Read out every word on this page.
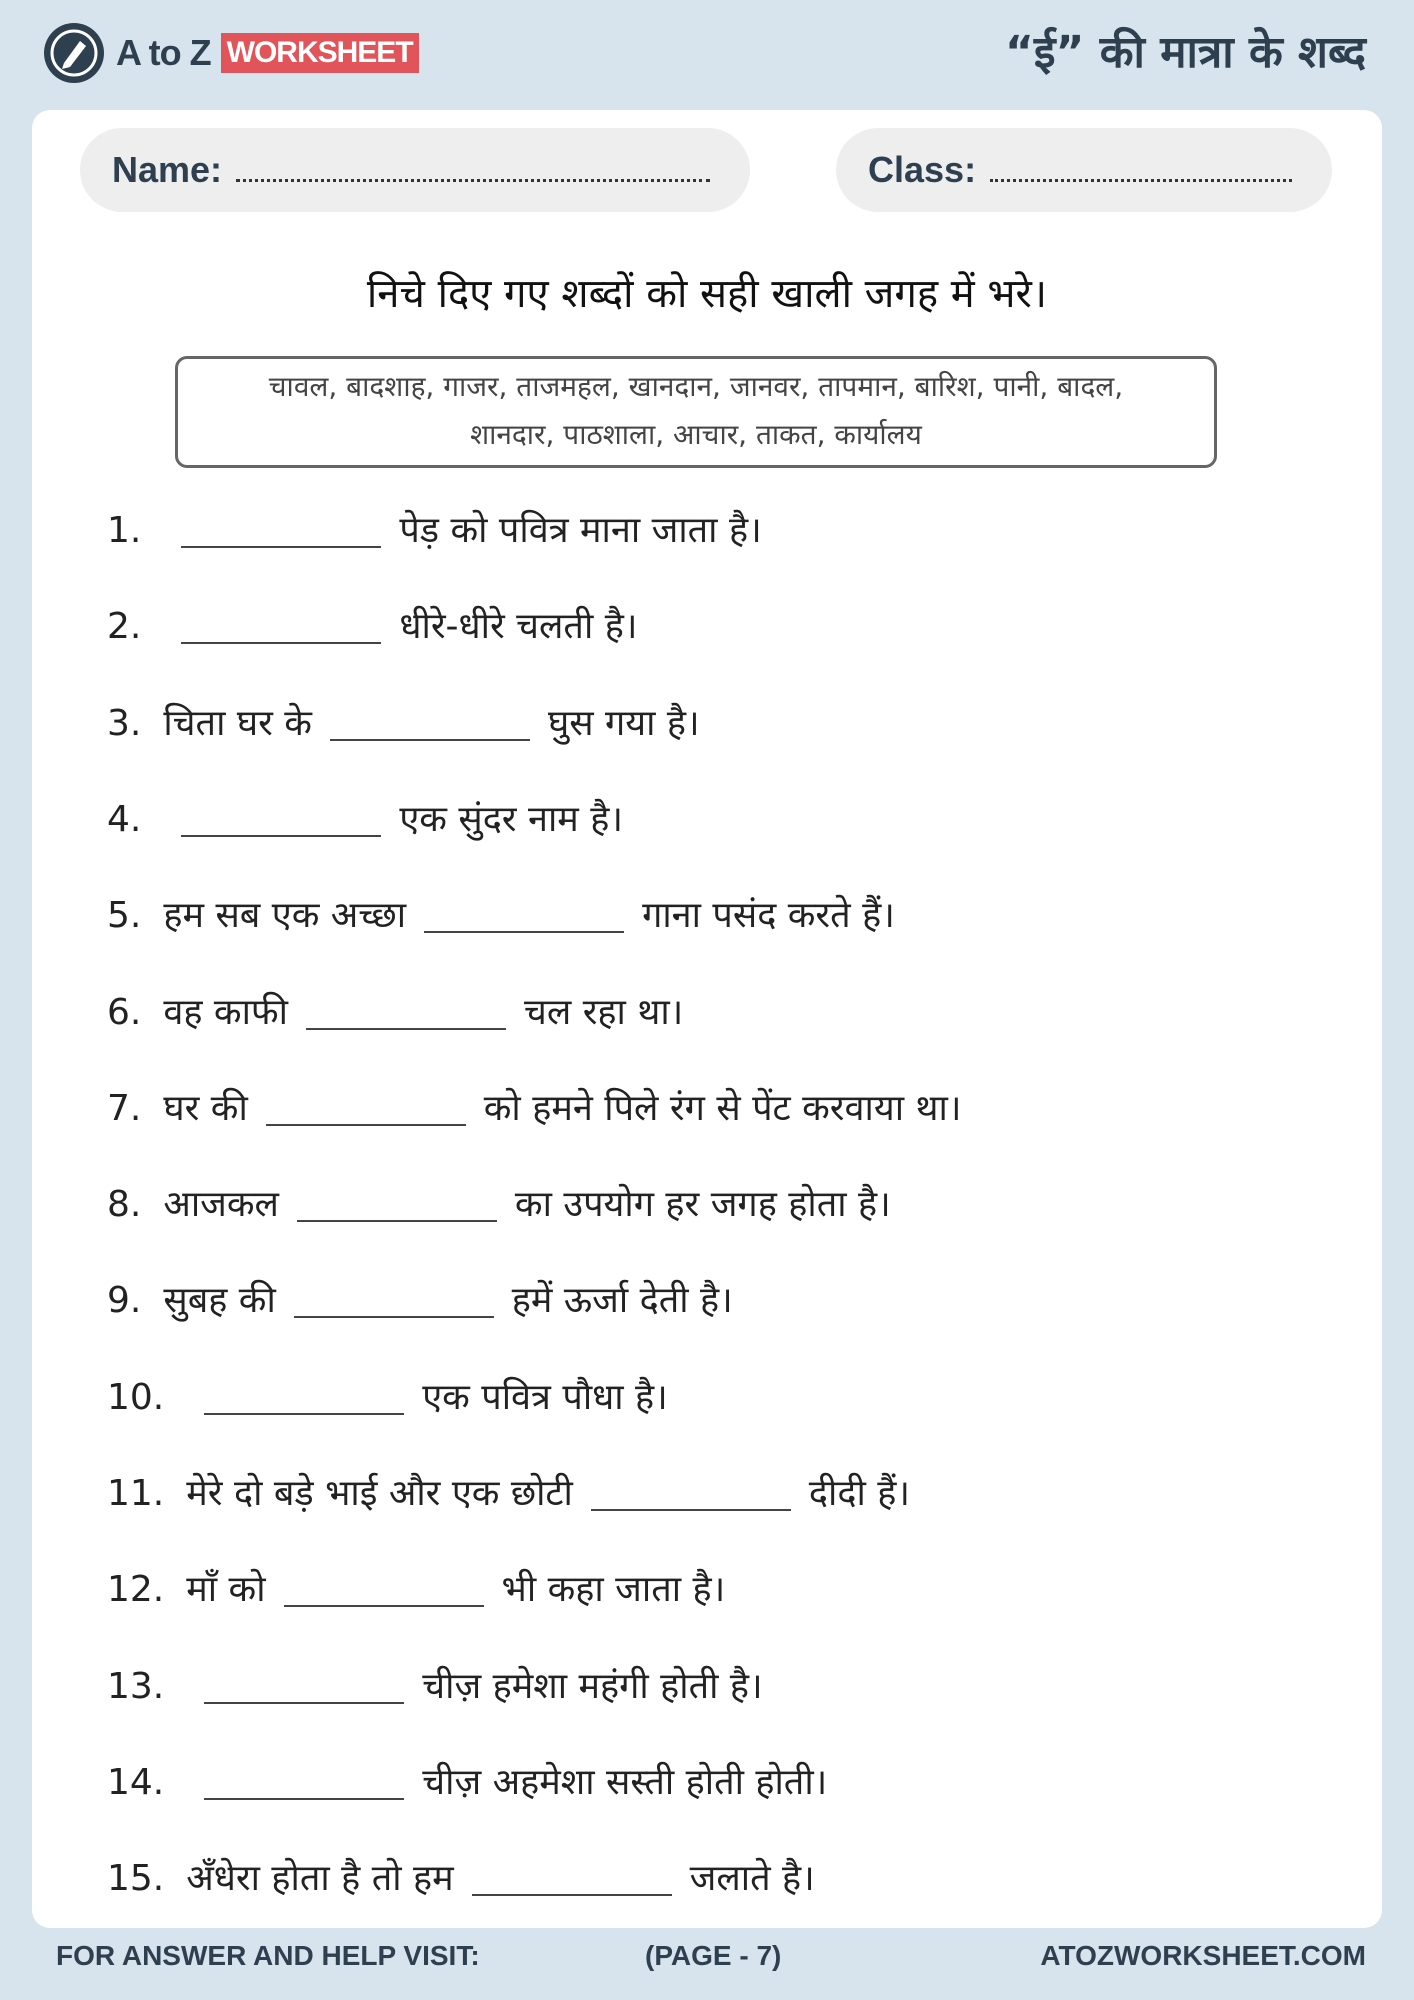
A to Z WORKSHEET	“ई” की मात्रा के शब्द
Name:	Class:
निचे दिए गए शब्दों को सही खाली जगह में भरे।
चावल, बादशाह, गाजर, ताजमहल, खानदान, जानवर, तापमान, बारिश, पानी, बादल,
शानदार, पाठशाला, आचार, ताकत, कार्यालय
1.	पेड़ को पवित्र माना जाता है।
2.	धीरे-धीरे चलती है।
3. चिता घर के	घुस गया है।
4.	एक सुंदर नाम है।
5. हम सब एक अच्छा	गाना पसंद करते हैं।
6. वह काफी	चल रहा था।
7. घर की	को हमने पिले रंग से पेंट करवाया था।
8. आजकल	का उपयोग हर जगह होता है।
9. सुबह की	हमें ऊर्जा देती है।
10.	एक पवित्र पौधा है।
11. मेरे दो बड़े भाई और एक छोटी	दीदी हैं।
12. माँ को	भी कहा जाता है।
13.	चीज़ हमेशा महंगी होती है।
14.	चीज़ अहमेशा सस्ती होती होती।
15. अँधेरा होता है तो हम	जलाते है।
FOR ANSWER AND HELP VISIT:	(PAGE - 7)	ATOZWORKSHEET.COM
